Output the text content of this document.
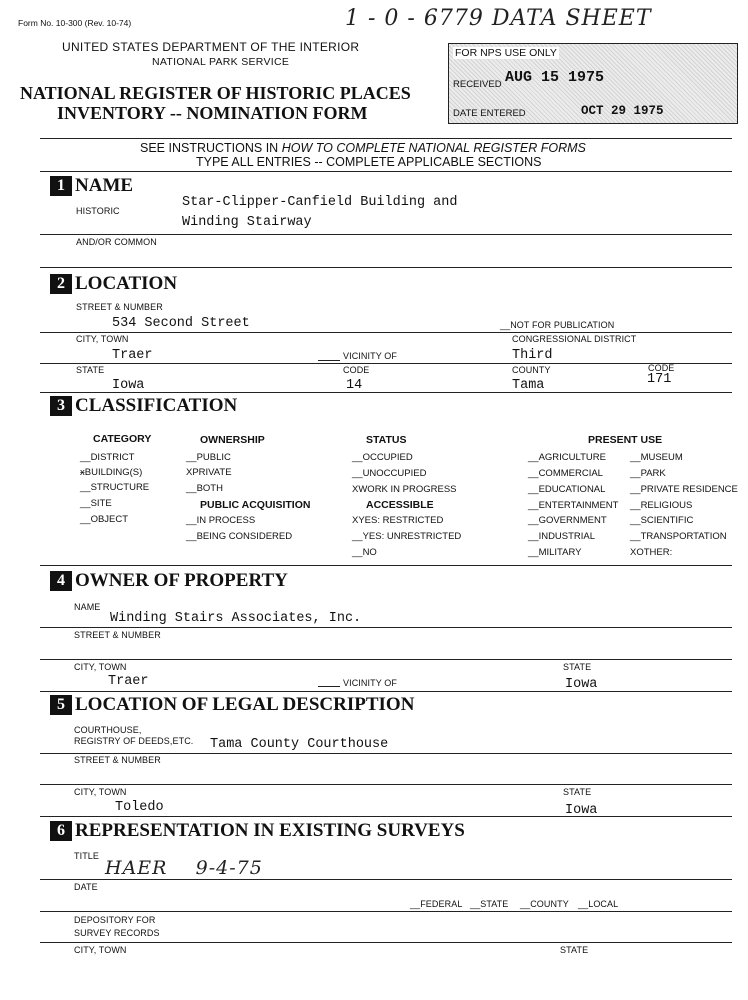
Form No. 10-300 (Rev. 10-74)	1 - 0 - 6779 DATA SHEET
UNITED STATES DEPARTMENT OF THE INTERIOR
NATIONAL PARK SERVICE
NATIONAL REGISTER OF HISTORIC PLACES
INVENTORY -- NOMINATION FORM
FOR NPS USE ONLY
RECEIVED AUG 15 1975
DATE ENTERED	OCT 29 1975
SEE INSTRUCTIONS IN HOW TO COMPLETE NATIONAL REGISTER FORMS
TYPE ALL ENTRIES -- COMPLETE APPLICABLE SECTIONS
1 NAME
HISTORIC
Star-Clipper-Canfield Building and
Winding Stairway
AND/OR COMMON
2 LOCATION
STREET & NUMBER
534 Second Street	__NOT FOR PUBLICATION
CITY, TOWN	CONGRESSIONAL DISTRICT
Traer	VICINITY OF	Third
STATE	CODE	COUNTY	CODE
Iowa	14	Tama	171
3 CLASSIFICATION
CATEGORY
__DISTRICT
ӿBUILDING(S)
__STRUCTURE
__SITE
__OBJECT
OWNERSHIP
__PUBLIC
XPRIVATE
__BOTH
PUBLIC ACQUISITION
__IN PROCESS
__BEING CONSIDERED
STATUS
__OCCUPIED
__UNOCCUPIED
XWORK IN PROGRESS
ACCESSIBLE
XYES: RESTRICTED
__YES: UNRESTRICTED
__NO
PRESENT USE
__AGRICULTURE
__COMMERCIAL
__EDUCATIONAL
__ENTERTAINMENT
__GOVERNMENT
__INDUSTRIAL
__MILITARY
__MUSEUM
__PARK
__PRIVATE RESIDENCE
__RELIGIOUS
__SCIENTIFIC
__TRANSPORTATION
XOTHER:
4 OWNER OF PROPERTY
NAME
Winding Stairs Associates, Inc.
STREET & NUMBER
CITY, TOWN	STATE
Traer	VICINITY OF	Iowa
5 LOCATION OF LEGAL DESCRIPTION
COURTHOUSE,
REGISTRY OF DEEDS,ETC. Tama County Courthouse
STREET & NUMBER
CITY, TOWN	STATE
Toledo	Iowa
6 REPRESENTATION IN EXISTING SURVEYS
TITLE
HAER    9-4-75
DATE
__FEDERAL __STATE __COUNTY __LOCAL
DEPOSITORY FOR
SURVEY RECORDS
CITY, TOWN	STATE
